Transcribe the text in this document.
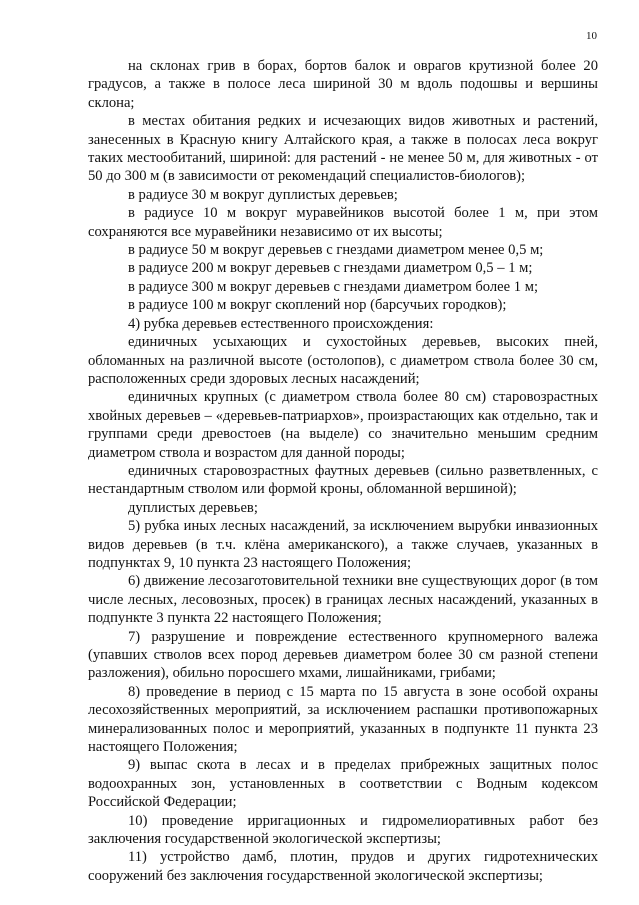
10

на склонах грив в борах, бортов балок и оврагов крутизной более 20 градусов, а также в полосе леса шириной 30 м вдоль подошвы и вершины склона;

в местах обитания редких и исчезающих видов животных и растений, занесенных в Красную книгу Алтайского края, а также в полосах леса вокруг таких местообитаний, шириной: для растений - не менее 50 м, для животных - от 50 до 300 м (в зависимости от рекомендаций специалистов-биологов);

в радиусе 30 м вокруг дуплистых деревьев;

в радиусе 10 м вокруг муравейников высотой более 1 м, при этом сохраняются все муравейники независимо от их высоты;

в радиусе 50 м вокруг деревьев с гнездами диаметром менее 0,5 м;

в радиусе 200 м вокруг деревьев с гнездами диаметром 0,5 – 1 м;

в радиусе 300 м вокруг деревьев с гнездами диаметром более 1 м;

в радиусе 100 м вокруг скоплений нор (барсучьих городков);

4) рубка деревьев естественного происхождения:

единичных усыхающих и сухостойных деревьев, высоких пней, обломанных на различной высоте (остолопов), с диаметром ствола более 30 см, расположенных среди здоровых лесных насаждений;

единичных крупных (с диаметром ствола более 80 см) старовозрастных хвойных деревьев – «деревьев-патриархов», произрастающих как отдельно, так и группами среди древостоев (на выделе) со значительно меньшим средним диаметром ствола и возрастом для данной породы;

единичных старовозрастных фаутных деревьев (сильно разветвленных, с нестандартным стволом или формой кроны, обломанной вершиной);

дуплистых деревьев;

5) рубка иных лесных насаждений, за исключением вырубки инвазионных видов деревьев (в т.ч. клёна американского), а также случаев, указанных в подпунктах 9, 10 пункта 23 настоящего Положения;

6) движение лесозаготовительной техники вне существующих дорог (в том числе лесных, лесовозных, просек) в границах лесных насаждений, указанных в подпункте 3 пункта 22 настоящего Положения;

7) разрушение и повреждение естественного крупномерного валежа (упавших стволов всех пород деревьев диаметром более 30 см разной степени разложения), обильно поросшего мхами, лишайниками, грибами;

8) проведение в период с 15 марта по 15 августа в зоне особой охраны лесохозяйственных мероприятий, за исключением распашки противопожарных минерализованных полос и мероприятий, указанных в подпункте 11 пункта 23 настоящего Положения;

9) выпас скота в лесах и в пределах прибрежных защитных полос водоохранных зон, установленных в соответствии с Водным кодексом Российской Федерации;

10) проведение ирригационных и гидромелиоративных работ без заключения государственной экологической экспертизы;

11) устройство дамб, плотин, прудов и других гидротехнических сооружений без заключения государственной экологической экспертизы;
